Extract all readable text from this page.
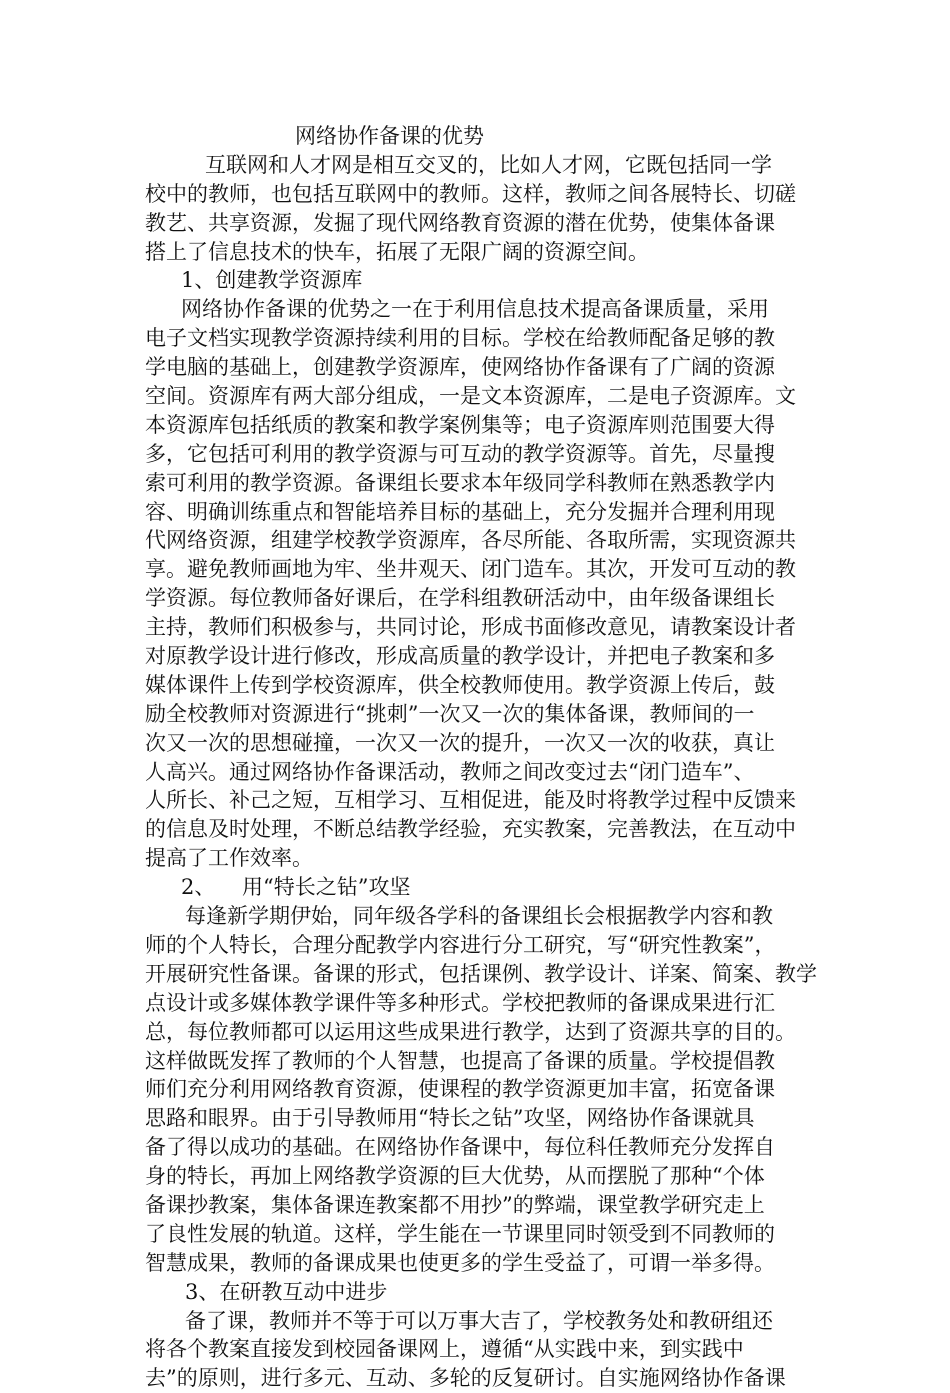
网络协作备课的优势
互联网和人才网是相互交叉的，比如人才网，它既包括同一学
校中的教师，也包括互联网中的教师。这样，教师之间各展特长、切磋
教艺、共享资源，发掘了现代网络教育资源的潜在优势，使集体备课
搭上了信息技术的快车，拓展了无限广阔的资源空间。
1、创建教学资源库
网络协作备课的优势之一在于利用信息技术提高备课质量，采用
电子文档实现教学资源持续利用的目标。学校在给教师配备足够的教
学电脑的基础上，创建教学资源库，使网络协作备课有了广阔的资源
空间。资源库有两大部分组成，一是文本资源库，二是电子资源库。文
本资源库包括纸质的教案和教学案例集等；电子资源库则范围要大得
多，它包括可利用的教学资源与可互动的教学资源等。首先，尽量搜
索可利用的教学资源。备课组长要求本年级同学科教师在熟悉教学内
容、明确训练重点和智能培养目标的基础上，充分发掘并合理利用现
代网络资源，组建学校教学资源库，各尽所能、各取所需，实现资源共
享。避免教师画地为牢、坐井观天、闭门造车。其次，开发可互动的教
学资源。每位教师备好课后，在学科组教研活动中，由年级备课组长
主持，教师们积极参与，共同讨论，形成书面修改意见，请教案设计者
对原教学设计进行修改，形成高质量的教学设计，并把电子教案和多
媒体课件上传到学校资源库，供全校教师使用。教学资源上传后，鼓
励全校教师对资源进行“挑刺”一次又一次的集体备课，教师间的一
次又一次的思想碰撞，一次又一次的提升，一次又一次的收获，真让
人高兴。通过网络协作备课活动，教师之间改变过去“闭门造车”、
人所长、补己之短，互相学习、互相促进，能及时将教学过程中反馈来
的信息及时处理，不断总结教学经验，充实教案，完善教法，在互动中
提高了工作效率。
2、    用“特长之钻”攻坚
每逢新学期伊始，同年级各学科的备课组长会根据教学内容和教
师的个人特长，合理分配教学内容进行分工研究，写“研究性教案”，
开展研究性备课。备课的形式，包括课例、教学设计、详案、简案、教学
点设计或多媒体教学课件等多种形式。学校把教师的备课成果进行汇
总，每位教师都可以运用这些成果进行教学，达到了资源共享的目的。
这样做既发挥了教师的个人智慧，也提高了备课的质量。学校提倡教
师们充分利用网络教育资源，使课程的教学资源更加丰富，拓宽备课
思路和眼界。由于引导教师用“特长之钻”攻坚，网络协作备课就具
备了得以成功的基础。在网络协作备课中，每位科任教师充分发挥自
身的特长，再加上网络教学资源的巨大优势，从而摆脱了那种“个体
备课抄教案，集体备课连教案都不用抄”的弊端，课堂教学研究走上
了良性发展的轨道。这样，学生能在一节课里同时领受到不同教师的
智慧成果，教师的备课成果也使更多的学生受益了，可谓一举多得。
3、在研教互动中进步
备了课，教师并不等于可以万事大吉了，学校教务处和教研组还
将各个教案直接发到校园备课网上，遵循“从实践中来，到实践中
去”的原则，进行多元、互动、多轮的反复研讨。自实施网络协作备课
